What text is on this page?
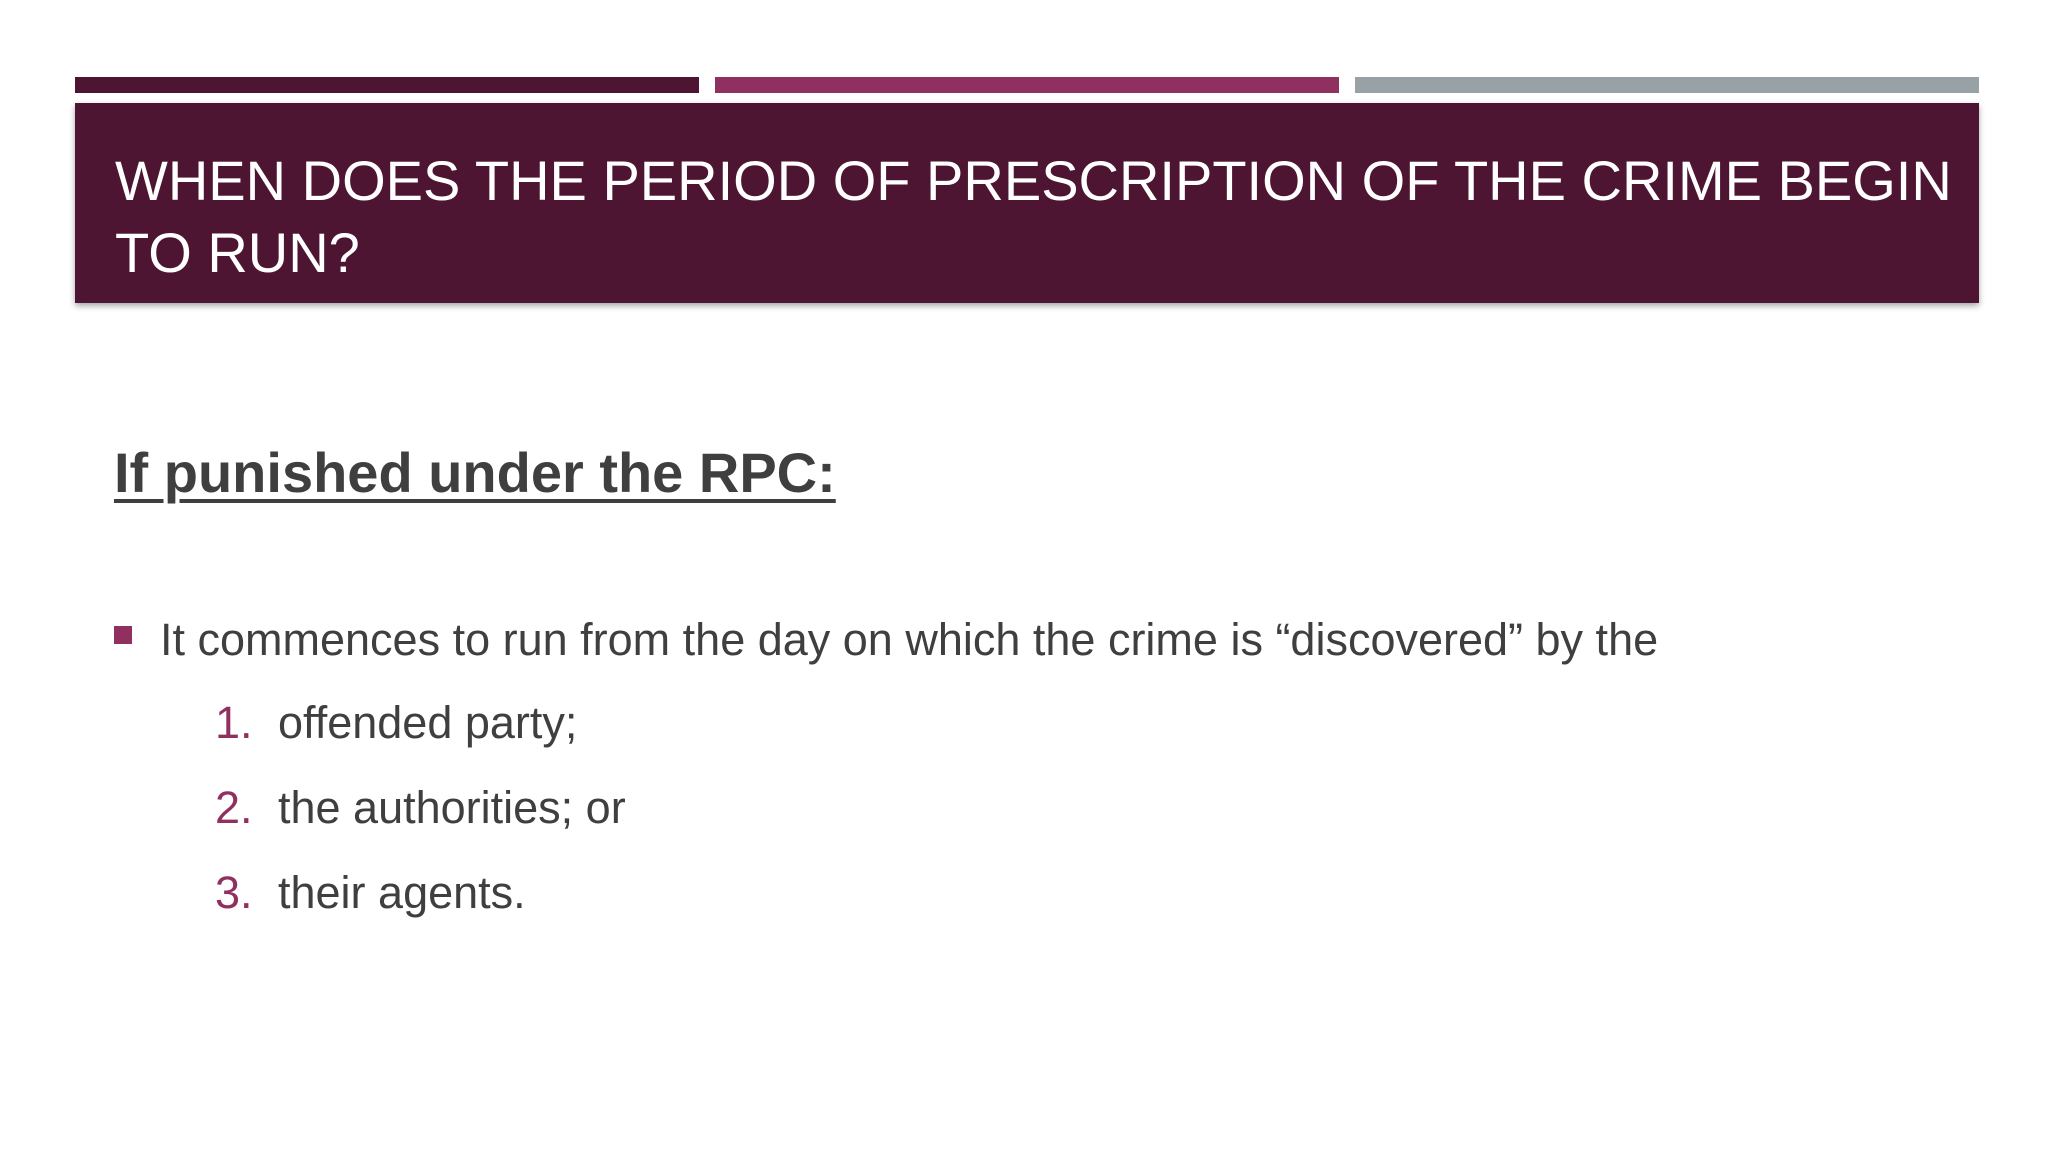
WHEN DOES THE PERIOD OF PRESCRIPTION OF THE CRIME BEGIN TO RUN?
If punished under the RPC:
It commences to run from the day on which the crime is “discovered” by the
1. offended party;
2. the authorities; or
3. their agents.
